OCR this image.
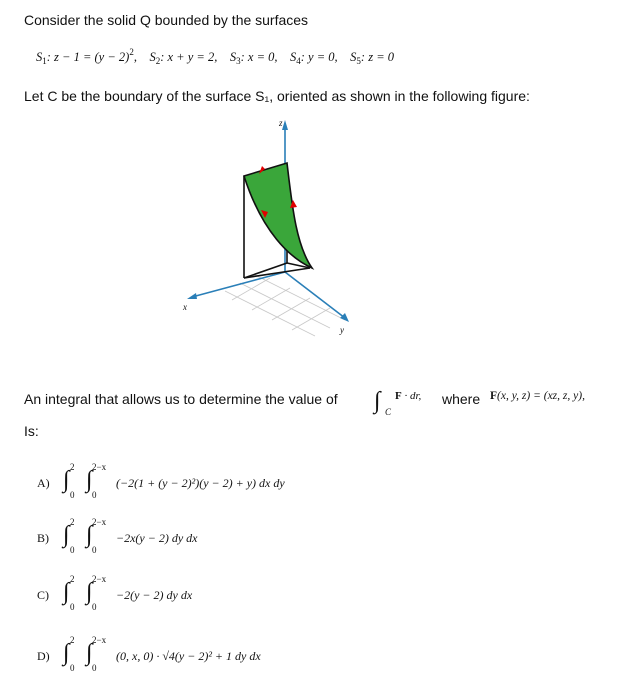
Consider the solid Q bounded by the surfaces
$S_1$: $z - 1 = (y - 2)^2$, $S_2$: x + y = 2, $S_3$: x = 0, $S_4$: y = 0, $S_5$: z = 0
Let C be the boundary of the surface S₁, oriented as shown in the following figure:
z
x
y
An integral that allows us to determine the value of ∫ C
F · dr, where F(x, y, z) = (xz, z, y),
Is:
A) ∫ 2
0
∫ 2−x
0
(−2(1 + (y − 2)²)(y − 2) + y) dx dy
B) ∫ 2
0
∫ 2−x
0
−2x(y − 2) dy dx
C) ∫ 2
0
∫ 2−x
0
−2(y − 2) dy dx
D) ∫ 2
0
∫ 2−x
0
(0, x, 0) · √4(y − 2)² + 1 dy dx
